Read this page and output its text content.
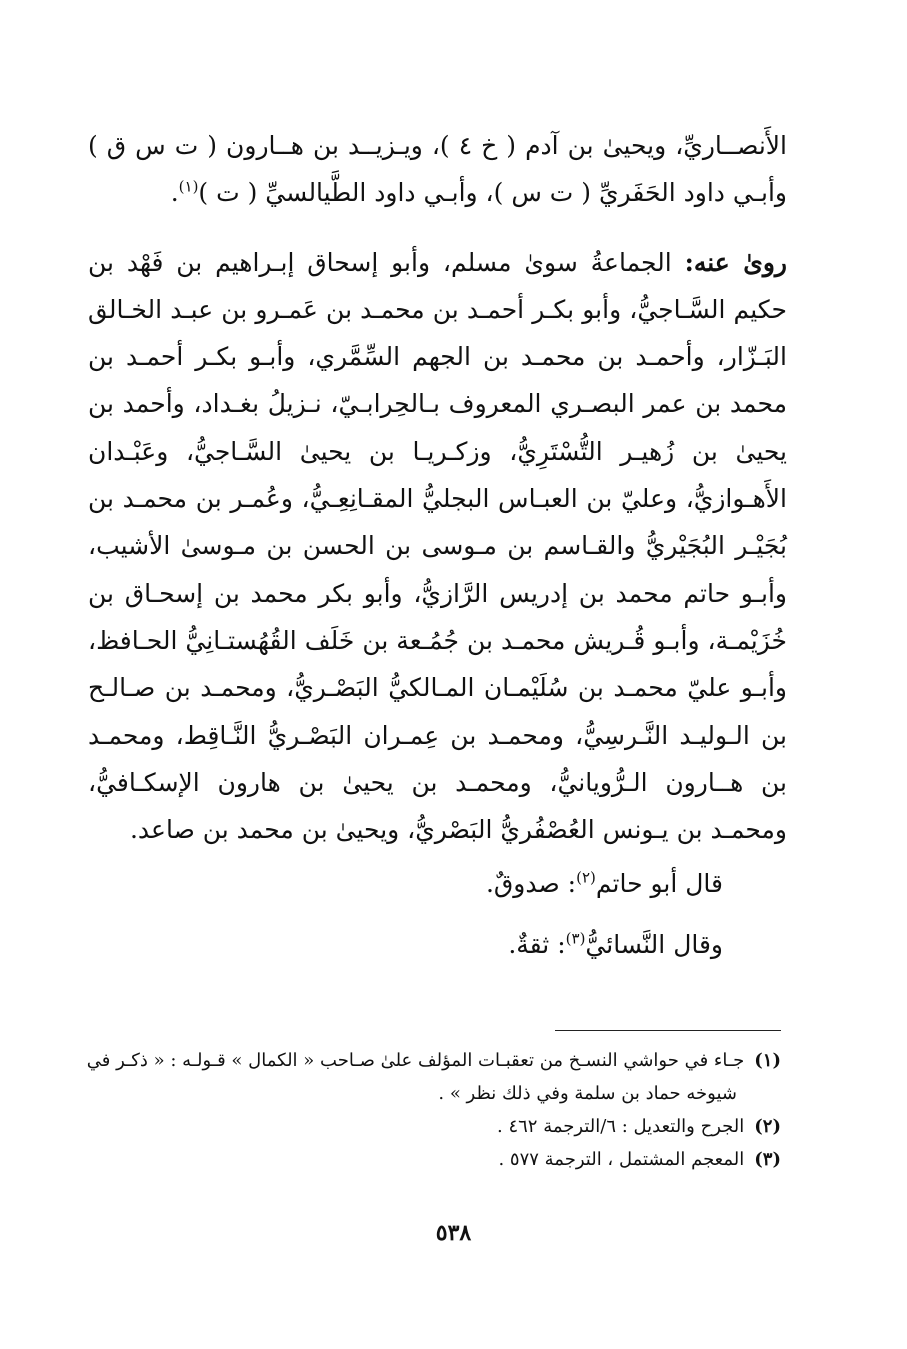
الأَنصــاريِّ، ويحيىٰ بن آدم ( خ ٤ )، ويـزيــد بن هــارون ( ت س ق ) وأبـي داود الحَفَريِّ ( ت س )، وأبـي داود الطَّيالسيِّ ( ت )$^{(١)}$.

روىٰ عنه: الجماعةُ سوىٰ مسلم، وأبو إسحاق إبـراهيم بن فَهْد بن حكيم السَّـاجيُّ، وأبو بكـر أحمـد بن محمـد بن عَمـرو بن عبـد الخـالق البَـزّار، وأحمـد بن محمـد بن الجهم السِّمَّري، وأبـو بكـر أحمـد بن محمد بن عمر البصـري المعروف بـالحِرابـيّ، نـزيلُ بغـداد، وأحمد بن يحيىٰ بن زُهيـر التُّسْتَرِيُّ، وزكـريـا بن يحيىٰ السَّـاجيُّ، وعَبْـدان الأَهـوازيُّ، وعليّ بن العبـاس البجليُّ المقـانِعِـيُّ، وعُمـر بن محمـد بن بُجَيْـر البُجَيْريُّ والقـاسم بن مـوسى بن الحسن بن مـوسىٰ الأشيب، وأبـو حاتم محمد بن إدريس الرَّازيُّ، وأبو بكر محمد بن إسحـاق بن خُزَيْمـة، وأبـو قُـريش محمـد بن جُمُـعة بن خَلَف القُهُستـانِيُّ الحـافظ، وأبـو عليّ محمـد بن سُلَيْمـان المـالكيُّ البَصْـريُّ، ومحمـد بن صـالـح بن الـوليـد النَّـرسِيُّ، ومحمـد بن عِمـران البَصْـريُّ النَّـاقِط، ومحمـد بن هــارون الـرُّويانيُّ، ومحمـد بن يحيىٰ بن هارون الإسكـافيُّ، ومحمـد بن يـونس العُصْفُريُّ البَصْريُّ، ويحيىٰ بن محمد بن صاعد.

قال أبو حاتم$^{(٢)}$: صدوقٌ.

وقال النَّسائيُّ$^{(٣)}$: ثقةٌ.

(١)جـاء في حواشي النسـخ من تعقبـات المؤلف علىٰ صـاحب « الكمال » قـولـه : « ذكـر في

شيوخه حماد بن سلمة وفي ذلك نظر » .

(٢)الجرح والتعديل : ٦/الترجمة ٤٦٢ .

(٣)المعجم المشتمل ، الترجمة ٥٧٧ .

٥٣٨
